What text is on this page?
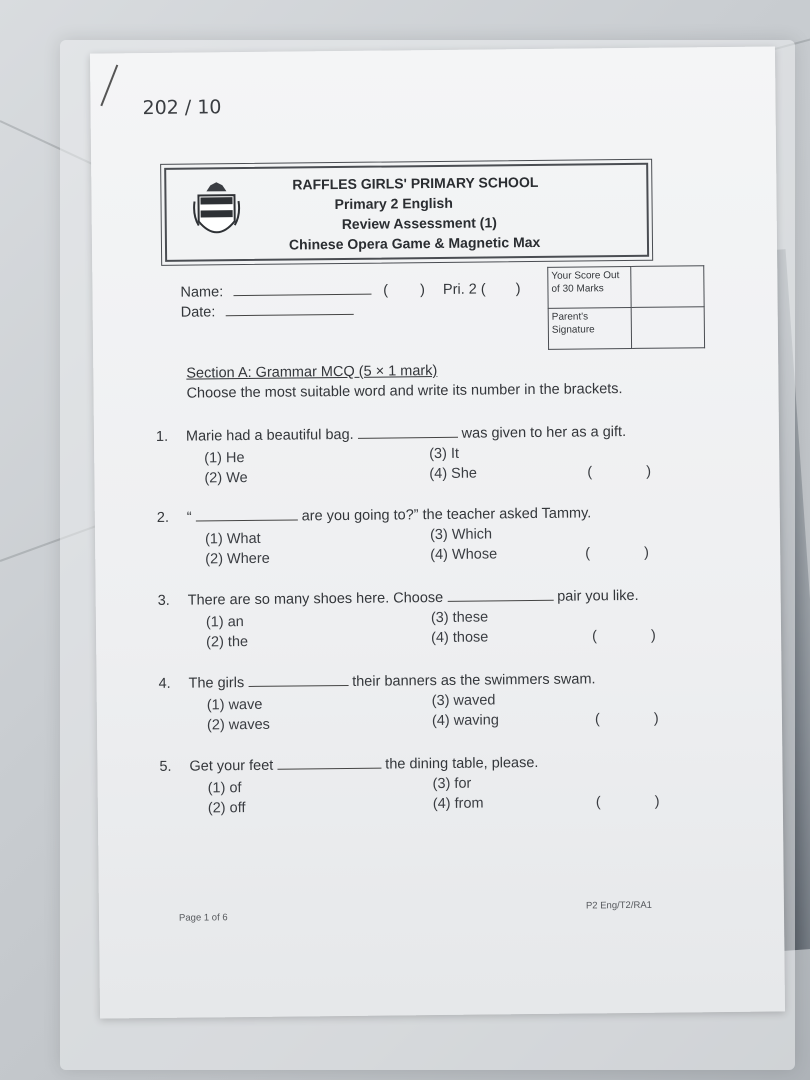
202 / 10
RAFFLES GIRLS' PRIMARY SCHOOL
Primary 2 English
Review Assessment (1)
Chinese Opera Game & Magnetic Max
Name:	( ) Pri. 2 ( )
Date:
Your Score Out of 30 Marks	
Parent's Signature	
Section A: Grammar MCQ (5 × 1 mark)
Choose the most suitable word and write its number in the brackets.
1. Marie had a beautiful bag.	was given to her as a gift.
(1) He
(2) We
(3) It
(4) She	(	)
2. “	are you going to?” the teacher asked Tammy.
(1) What
(2) Where
(3) Which
(4) Whose	(	)
3. There are so many shoes here. Choose	pair you like.
(1) an
(2) the
(3) these
(4) those	(	)
4. The girls	their banners as the swimmers swam.
(1) wave
(2) waves
(3) waved
(4) waving	(	)
5. Get your feet	the dining table, please.
(1) of
(2) off
(3) for
(4) from	(	)
Page 1 of 6
P2 Eng/T2/RA1
